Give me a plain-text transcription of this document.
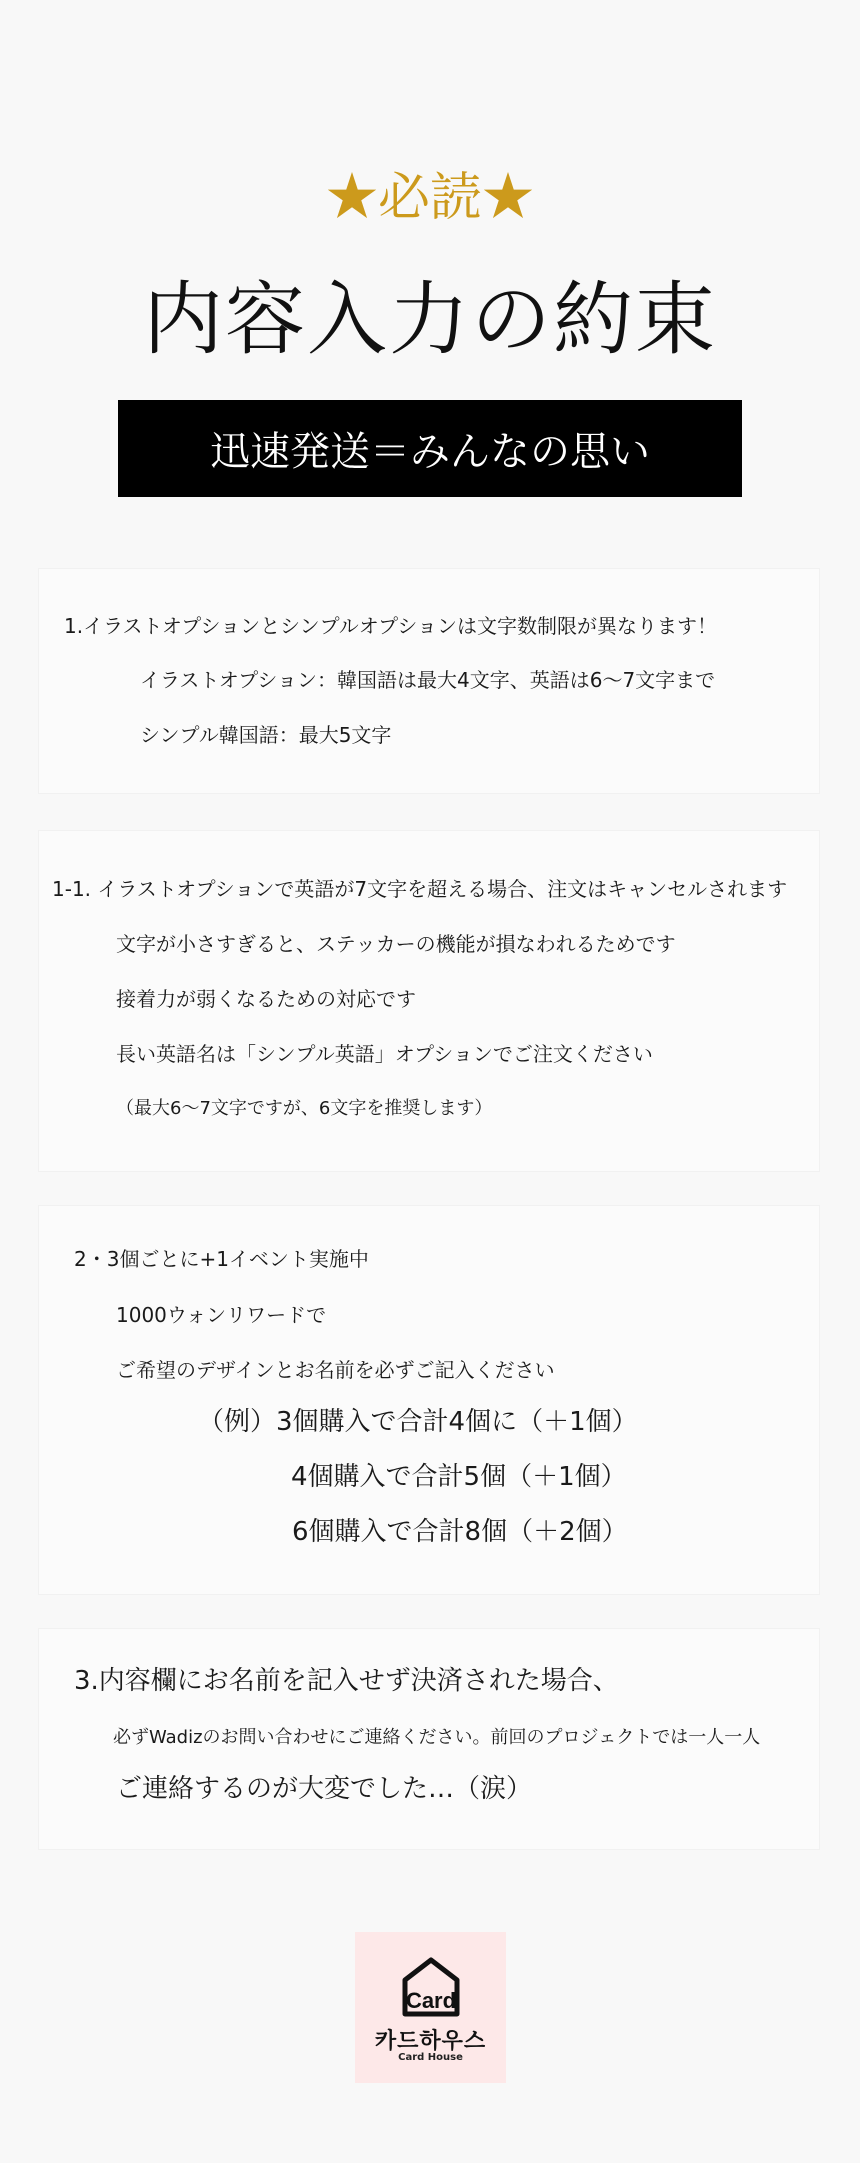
★必読★
内容入力の約束
迅速発送＝みんなの思い
1.イラストオプションとシンプルオプションは文字数制限が異なります！
イラストオプション：韓国語は最大4文字、英語は6〜7文字まで
シンプル韓国語：最大5文字
1-1. イラストオプションで英語が7文字を超える場合、注文はキャンセルされます
文字が小さすぎると、ステッカーの機能が損なわれるためです
接着力が弱くなるための対応です
長い英語名は「シンプル英語」オプションでご注文ください
（最大6〜7文字ですが、6文字を推奨します）
2・3個ごとに+1イベント実施中
1000ウォンリワードで
ご希望のデザインとお名前を必ずご記入ください
（例）3個購入で合計4個に（＋1個）
4個購入で合計5個（＋1個）
6個購入で合計8個（＋2個）
3.内容欄にお名前を記入せず決済された場合、
必ずWadizのお問い合わせにご連絡ください。前回のプロジェクトでは一人一人
ご連絡するのが大変でした…（涙）
Card
카드하우스
Card House
